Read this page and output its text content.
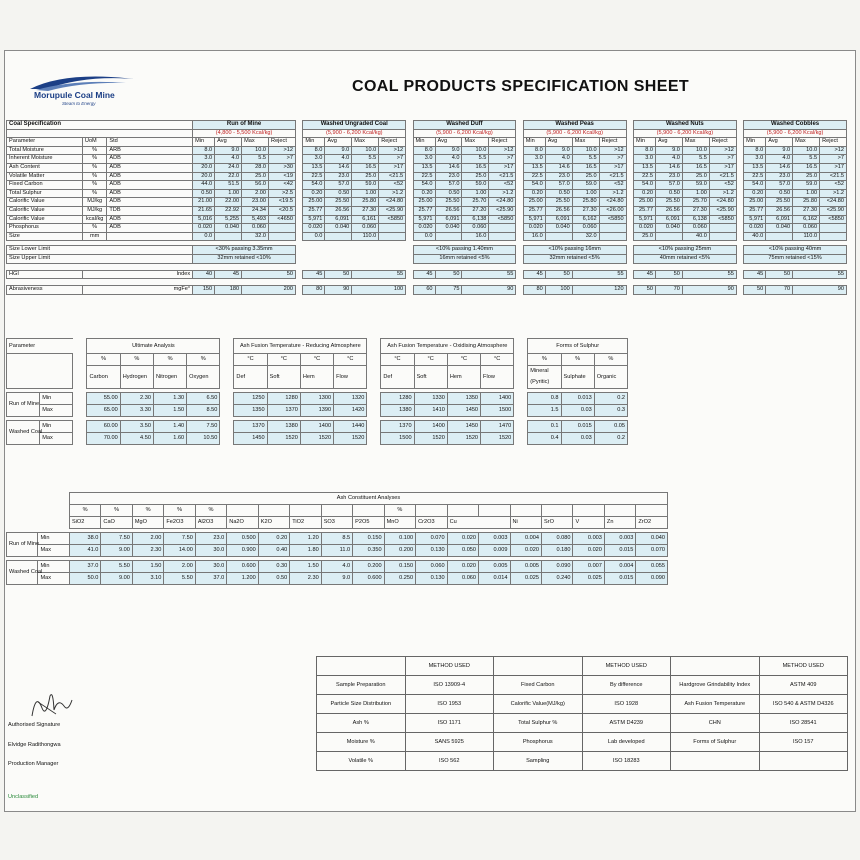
Morupule Coal Mine
Steam to Energy
COAL PRODUCTS SPECIFICATION SHEET
Coal Specification			Run of Mine					Washed Ungraded Coal					Washed Duff					Washed Peas					Washed Nuts					Washed Cobbles				
			(4,800 - 5,500 Kcal/kg)					(5,900 - 6,200 Kcal/kg)					(5,900 - 6,200 Kcal/kg)					(5,900 - 6,200 Kcal/kg)					(5,900 - 6,200 Kcal/kg)					(5,900 - 6,200 Kcal/kg)				
Parameter	UoM	Std	Min	Avg	Max	Reject		Min	Avg	Max	Reject		Min	Avg	Max	Reject		Min	Avg	Max	Reject		Min	Avg	Max	Reject		Min	Avg	Max	Reject	
Total Moisture	%	ARB	8.0	9.0	10.0	>12		8.0	9.0	10.0	>12		8.0	9.0	10.0	>12		8.0	9.0	10.0	>12		8.0	9.0	10.0	>12		8.0	9.0	10.0	>12	
Inherent Moisture	%	ADB	3.0	4.0	5.5	>7		3.0	4.0	5.5	>7		3.0	4.0	5.5	>7		3.0	4.0	5.5	>7		3.0	4.0	5.5	>7		3.0	4.0	5.5	>7	
Ash Content	%	ADB	20.0	24.0	28.0	>30		13.5	14.6	16.5	>17		13.5	14.6	16.5	>17		13.5	14.6	16.5	>17		13.5	14.6	16.5	>17		13.5	14.6	16.5	>17	
Volatile Matter	%	ADB	20.0	22.0	25.0	<19		22.5	23.0	25.0	<21.5		22.5	23.0	25.0	<21.5		22.5	23.0	25.0	<21.5		22.5	23.0	25.0	<21.5		22.5	23.0	25.0	<21.5	
Fixed Carbon	%	ADB	44.0	51.5	56.0	<42		54.0	57.0	59.0	<52		54.0	57.0	59.0	<52		54.0	57.0	59.0	<52		54.0	57.0	59.0	<52		54.0	57.0	59.0	<52	
Total Sulphur	%	ADB	0.50	1.00	2.00	>2.5		0.20	0.50	1.00	>1.2		0.20	0.50	1.00	>1.2		0.20	0.50	1.00	>1.2		0.20	0.50	1.00	>1.2		0.20	0.50	1.00	>1.2	
Calorific Value	MJ/kg	ADB	21.00	22.00	23.00	<19.5		25.00	25.50	25.80	<24.80		25.00	25.50	25.70	<24.80		25.00	25.50	25.80	<24.80		25.00	25.50	25.70	<24.80		25.00	25.50	25.80	<24.80	
Calorific Value	MJ/kg	TDB	21.65	22.92	24.34	<20.5		25.77	26.56	27.30	<25.90		25.77	26.56	27.20	<25.90		25.77	26.56	27.30	<26.00		25.77	26.56	27.30	<25.90		25.77	26.56	27.30	<25.90	
Calorific Value	kcal/kg	ADB	5,016	5,255	5,493	<4650		5,971	6,091	6,161	<5850		5,971	6,091	6,138	<5850		5,971	6,091	6,162	<5850		5,971	6,091	6,138	<5850		5,971	6,091	6,162	<5850	
Phosphorus	%	ADB	0.020	0.040	0.060			0.020	0.040	0.060			0.020	0.040	0.060			0.020	0.040	0.060			0.020	0.040	0.060			0.020	0.040	0.060		
Size	mm		0.0		32.0			0.0		110.0			0.0		16.0			16.0		32.0			25.0		40.0			40.0		110.0		

Size Lower Limit			<30% passing 3.35mm										<10% passing 1.40mm					<10% passing 16mm					<10% passing 25mm					<10% passing 40mm				
Size Upper Limit			32mm retained <10%										16mm retained <5%					32mm retained <5%					40mm retained <5%					75mm retained <15%				

HGI	Index		40	45	50			45	50	55			45	50	55			45	50	55			45	50	55			45	50	55		

Abrasiveness	mgFe°		150	180	200			80	90	100			60	75	90			80	100	120			50	70	90			50	70	90		
Parameter			Ultimate Analysis					Ash Fusion Temperature - Reducing Atmosphere					Ash Fusion Temperature - Oxidising Atmosphere					Forms of Sulphur		
			%	%	%	%		°C	°C	°C	°C		°C	°C	°C	°C		%	%	%
			Carbon	Hydrogen	Nitrogen	Oxygen		Def	Soft	Hem	Flow		Def	Soft	Hem	Flow		Mineral (Pyritic)	Sulphate	Organic

Run of Mine	Min		55.00	2.30	1.30	6.50		1250	1280	1300	1320		1280	1330	1350	1400		0.8	0.013	0.2
	Max		65.00	3.30	1.50	8.50		1350	1370	1390	1420		1380	1410	1450	1500		1.5	0.03	0.3

Washed Coal	Min		60.00	3.50	1.40	7.50		1370	1380	1400	1440		1370	1400	1450	1470		0.1	0.015	0.05
	Max		70.00	4.50	1.60	10.50		1450	1520	1520	1520		1500	1520	1520	1520		0.4	0.03	0.2
		Ash Constituent Analyses																		
		%	%	%	%	%						%								
		SiO2	CaO	MgO	Fe2O3	Al2O3	Na2O	K2O	TiO2	SO3	P2O5	MnO	Cr2O3	Cu		Ni	SrO	V	Zn	ZrO2

Run of Mine	Min	38.0	7.50	2.00	7.50	23.0	0.500	0.20	1.20	8.5	0.150	0.100	0.070	0.020	0.003	0.004	0.080	0.003	0.003	0.040
	Max	41.0	9.00	2.30	14.00	30.0	0.900	0.40	1.80	11.0	0.350	0.200	0.130	0.050	0.009	0.020	0.180	0.020	0.015	0.070

Washed Coal	Min	37.0	5.50	1.50	2.00	30.0	0.600	0.30	1.50	4.0	0.200	0.150	0.060	0.020	0.005	0.005	0.090	0.007	0.004	0.055
	Max	50.0	9.00	3.10	5.50	37.0	1.200	0.50	2.30	9.0	0.600	0.250	0.130	0.060	0.014	0.025	0.240	0.025	0.015	0.090
	METHOD USED		METHOD USED		METHOD USED
Sample Preparation	ISO 13909-4	Fixed Carbon	By difference	Hardgrove Grindability Index	ASTM 409
Particle Size Distribution	ISO 1953	Calorific Value(MJ/kg)	ISO 1928	Ash Fusion Temperature	ISO 540 & ASTM D4326
Ash %	ISO 1171	Total Sulphur %	ASTM D4239	CHN	ISO 28541
Moisture %	SANS 5925	Phosphorus	Lab developed	Forms of Sulphur	ISO 157
Volatile %	ISO 562	Sampling	ISO 18283		
Authorised Signature
Elvidge Radithongwa
Production Manager
Unclassified
